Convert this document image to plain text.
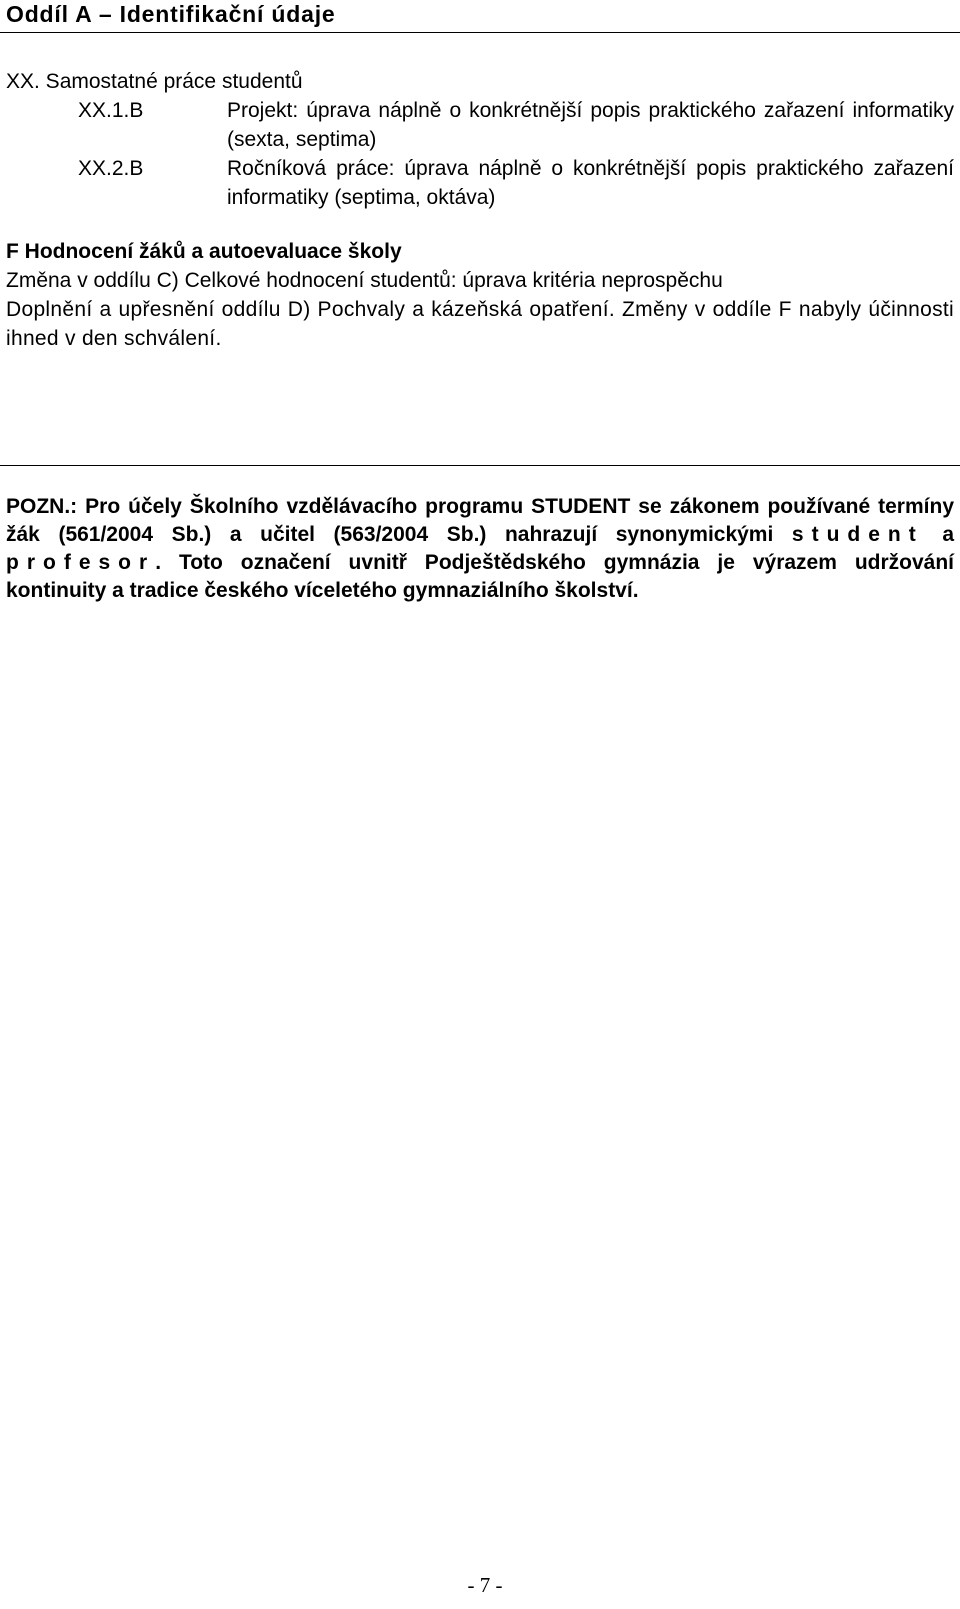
Oddíl A – Identifikační údaje

XX. Samostatné práce studentů

XX.1.B	Projekt: úprava náplně o konkrétnější popis praktického zařazení informatiky (sexta, septima)

XX.2.B	Ročníková práce: úprava náplně o konkrétnější popis praktického zařazení informatiky (septima, oktáva)

F Hodnocení žáků a autoevaluace školy

Změna v oddílu C) Celkové hodnocení studentů: úprava kritéria neprospěchu

Doplnění a upřesnění oddílu D) Pochvaly a kázeňská opatření. Změny v oddíle F nabyly účinnosti ihned v den schválení.

POZN.: Pro účely Školního vzdělávacího programu STUDENT se zákonem používané termíny žák (561/2004 Sb.) a učitel (563/2004 Sb.) nahrazují synonymickými student a profesor. Toto označení uvnitř Podještědského gymnázia je výrazem udržování kontinuity a tradice českého víceletého gymnaziálního školství.

- 7 -
